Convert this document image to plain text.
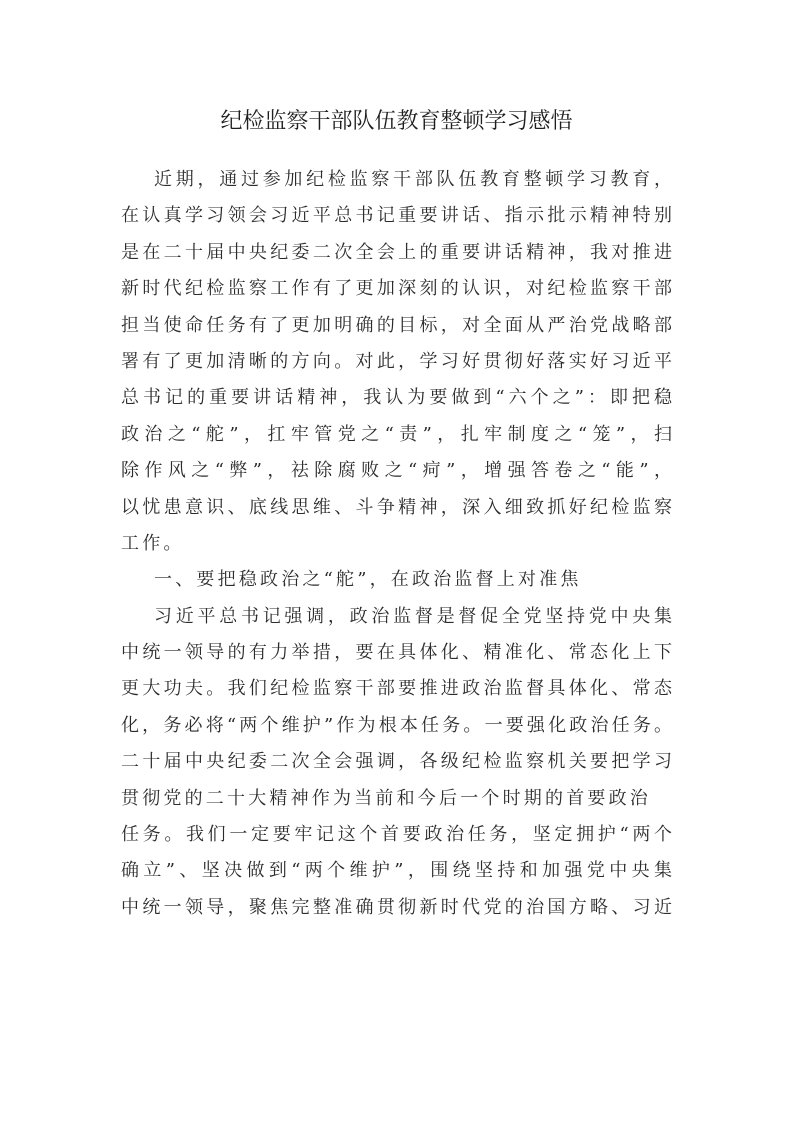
纪检监察干部队伍教育整顿学习感悟
近期，通过参加纪检监察干部队伍教育整顿学习教育，
在认真学习领会习近平总书记重要讲话、指示批示精神特别
是在二十届中央纪委二次全会上的重要讲话精神，我对推进
新时代纪检监察工作有了更加深刻的认识，对纪检监察干部
担当使命任务有了更加明确的目标，对全面从严治党战略部
署有了更加清晰的方向。对此，学习好贯彻好落实好习近平
总书记的重要讲话精神，我认为要做到“六个之”：即把稳
政治之“舵”，扛牢管党之“责”，扎牢制度之“笼”，扫
除作风之“弊”，祛除腐败之“疴”，增强答卷之“能”，
以忧患意识、底线思维、斗争精神，深入细致抓好纪检监察
工作。
一、要把稳政治之“舵”，在政治监督上对准焦
习近平总书记强调，政治监督是督促全党坚持党中央集
中统一领导的有力举措，要在具体化、精准化、常态化上下
更大功夫。我们纪检监察干部要推进政治监督具体化、常态
化，务必将“两个维护”作为根本任务。一要强化政治任务。
二十届中央纪委二次全会强调，各级纪检监察机关要把学习
贯彻党的二十大精神作为当前和今后一个时期的首要政治
任务。我们一定要牢记这个首要政治任务，坚定拥护“两个
确立”、坚决做到“两个维护”，围绕坚持和加强党中央集
中统一领导，聚焦完整准确贯彻新时代党的治国方略、习近
